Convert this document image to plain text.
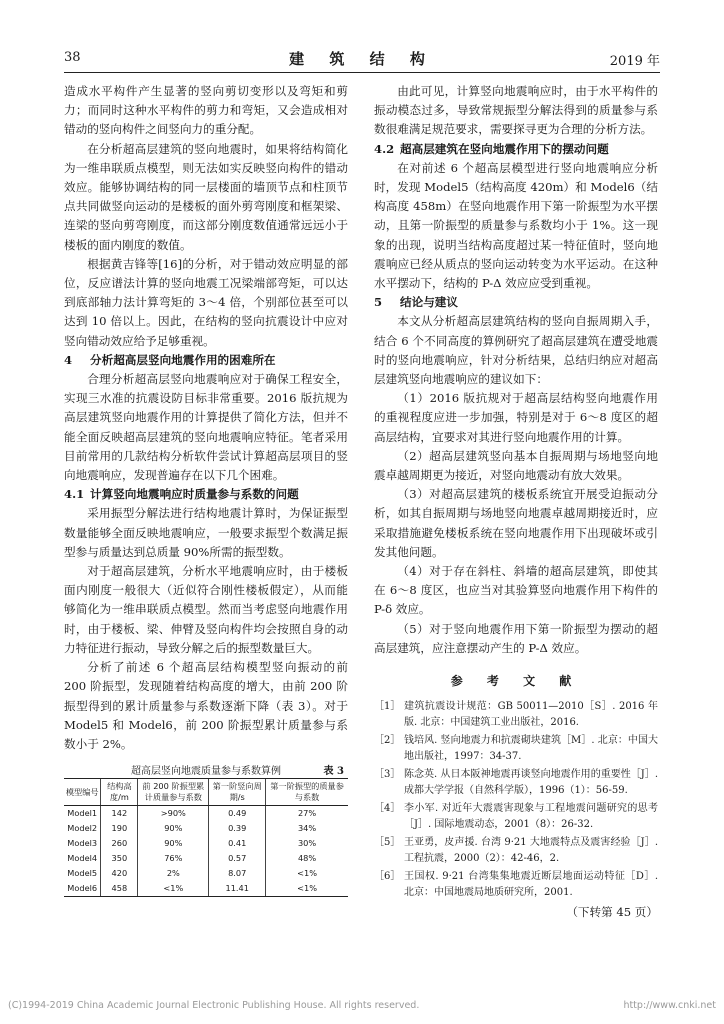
38	建 筑 结 构	2019 年

造成水平构件产生显著的竖向剪切变形以及弯矩和剪力；而同时这种水平构件的剪力和弯矩，又会造成相对错动的竖向构件之间竖向力的重分配。

在分析超高层建筑的竖向地震时，如果将结构简化为一维串联质点模型，则无法如实反映竖向构件的错动效应。能够协调结构的同一层楼面的墙顶节点和柱顶节点共同做竖向运动的是楼板的面外剪弯刚度和框架梁、连梁的竖向剪弯刚度，而这部分刚度数值通常远远小于楼板的面内刚度的数值。

根据黄吉锋等[16]的分析，对于错动效应明显的部位，反应谱法计算的竖向地震工况梁端部弯矩，可以达到底部轴力法计算弯矩的 3～4 倍，个别部位甚至可以达到 10 倍以上。因此，在结构的竖向抗震设计中应对竖向错动效应给予足够重视。

4 分析超高层竖向地震作用的困难所在

合理分析超高层竖向地震响应对于确保工程安全，实现三水准的抗震设防目标非常重要。2016 版抗规为高层建筑竖向地震作用的计算提供了简化方法，但并不能全面反映超高层建筑的竖向地震响应特征。笔者采用目前常用的几款结构分析软件尝试计算超高层项目的竖向地震响应，发现普遍存在以下几个困难。

4.1 计算竖向地震响应时质量参与系数的问题

采用振型分解法进行结构地震计算时，为保证振型数量能够全面反映地震响应，一般要求振型个数满足振型参与质量达到总质量 90%所需的振型数。

对于超高层建筑，分析水平地震响应时，由于楼板面内刚度一般很大（近似符合刚性楼板假定），从而能够简化为一维串联质点模型。然而当考虑竖向地震作用时，由于楼板、梁、伸臂及竖向构件均会按照自身的动力特征进行振动，导致分解之后的振型数量巨大。

分析了前述 6 个超高层结构模型竖向振动的前 200 阶振型，发现随着结构高度的增大，由前 200 阶振型得到的累计质量参与系数逐渐下降（表 3）。对于 Model5 和 Model6，前 200 阶振型累计质量参与系数小于 2%。

超高层竖向地震质量参与系数算例	表 3
模型编号	结构高度/m	前 200 阶振型累计质量参与系数	第一阶竖向周期/s	第一阶振型的质量参与系数
Model1	142	>90%	0.49	27%
Model2	190	90%	0.39	34%
Model3	260	90%	0.41	30%
Model4	350	76%	0.57	48%
Model5	420	2%	8.07	<1%
Model6	458	<1%	11.41	<1%

由此可见，计算竖向地震响应时，由于水平构件的振动模态过多，导致常规振型分解法得到的质量参与系数很难满足规范要求，需要探寻更为合理的分析方法。

4.2 超高层建筑在竖向地震作用下的摆动问题

在对前述 6 个超高层模型进行竖向地震响应分析时，发现 Model5（结构高度 420m）和 Model6（结构高度 458m）在竖向地震作用下第一阶振型为水平摆动，且第一阶振型的质量参与系数均小于 1%。这一现象的出现，说明当结构高度超过某一特征值时，竖向地震响应已经从质点的竖向运动转变为水平运动。在这种水平摆动下，结构的 P-Δ 效应应受到重视。

5 结论与建议

本文从分析超高层建筑结构的竖向自振周期入手，结合 6 个不同高度的算例研究了超高层建筑在遭受地震时的竖向地震响应，针对分析结果，总结归纳应对超高层建筑竖向地震响应的建议如下：

（1）2016 版抗规对于超高层结构竖向地震作用的重视程度应进一步加强，特别是对于 6～8 度区的超高层结构，宜要求对其进行竖向地震作用的计算。

（2）超高层建筑竖向基本自振周期与场地竖向地震卓越周期更为接近，对竖向地震动有放大效果。

（3）对超高层建筑的楼板系统宜开展受迫振动分析，如其自振周期与场地竖向地震卓越周期接近时，应采取措施避免楼板系统在竖向地震作用下出现破坏或引发其他问题。

（4）对于存在斜柱、斜墙的超高层建筑，即使其在 6～8 度区，也应当对其验算竖向地震作用下构件的 P-δ 效应。

（5）对于竖向地震作用下第一阶振型为摆动的超高层建筑，应注意摆动产生的 P-Δ 效应。

参 考 文 献
［1］ 建筑抗震设计规范：GB 50011—2010［S］. 2016 年版. 北京：中国建筑工业出版社，2016.
［2］ 钱培风. 竖向地震力和抗震砌块建筑［M］. 北京：中国大地出版社，1997：34-37.
［3］ 陈念英. 从日本阪神地震再谈竖向地震作用的重要性［J］. 成都大学学报（自然科学版），1996（1）：56-59.
［4］ 李小军. 对近年大震震害现象与工程地震问题研究的思考［J］. 国际地震动态，2001（8）：26-32.
［5］ 王亚勇，皮声援. 台湾 9·21 大地震特点及震害经验［J］. 工程抗震，2000（2）：42-46，2.
［6］ 王国权. 9·21 台湾集集地震近断层地面运动特征［D］. 北京：中国地震局地质研究所，2001.
（下转第 45 页）
(C)1994-2019 China Academic Journal Electronic Publishing House. All rights reserved.	http://www.cnki.net
